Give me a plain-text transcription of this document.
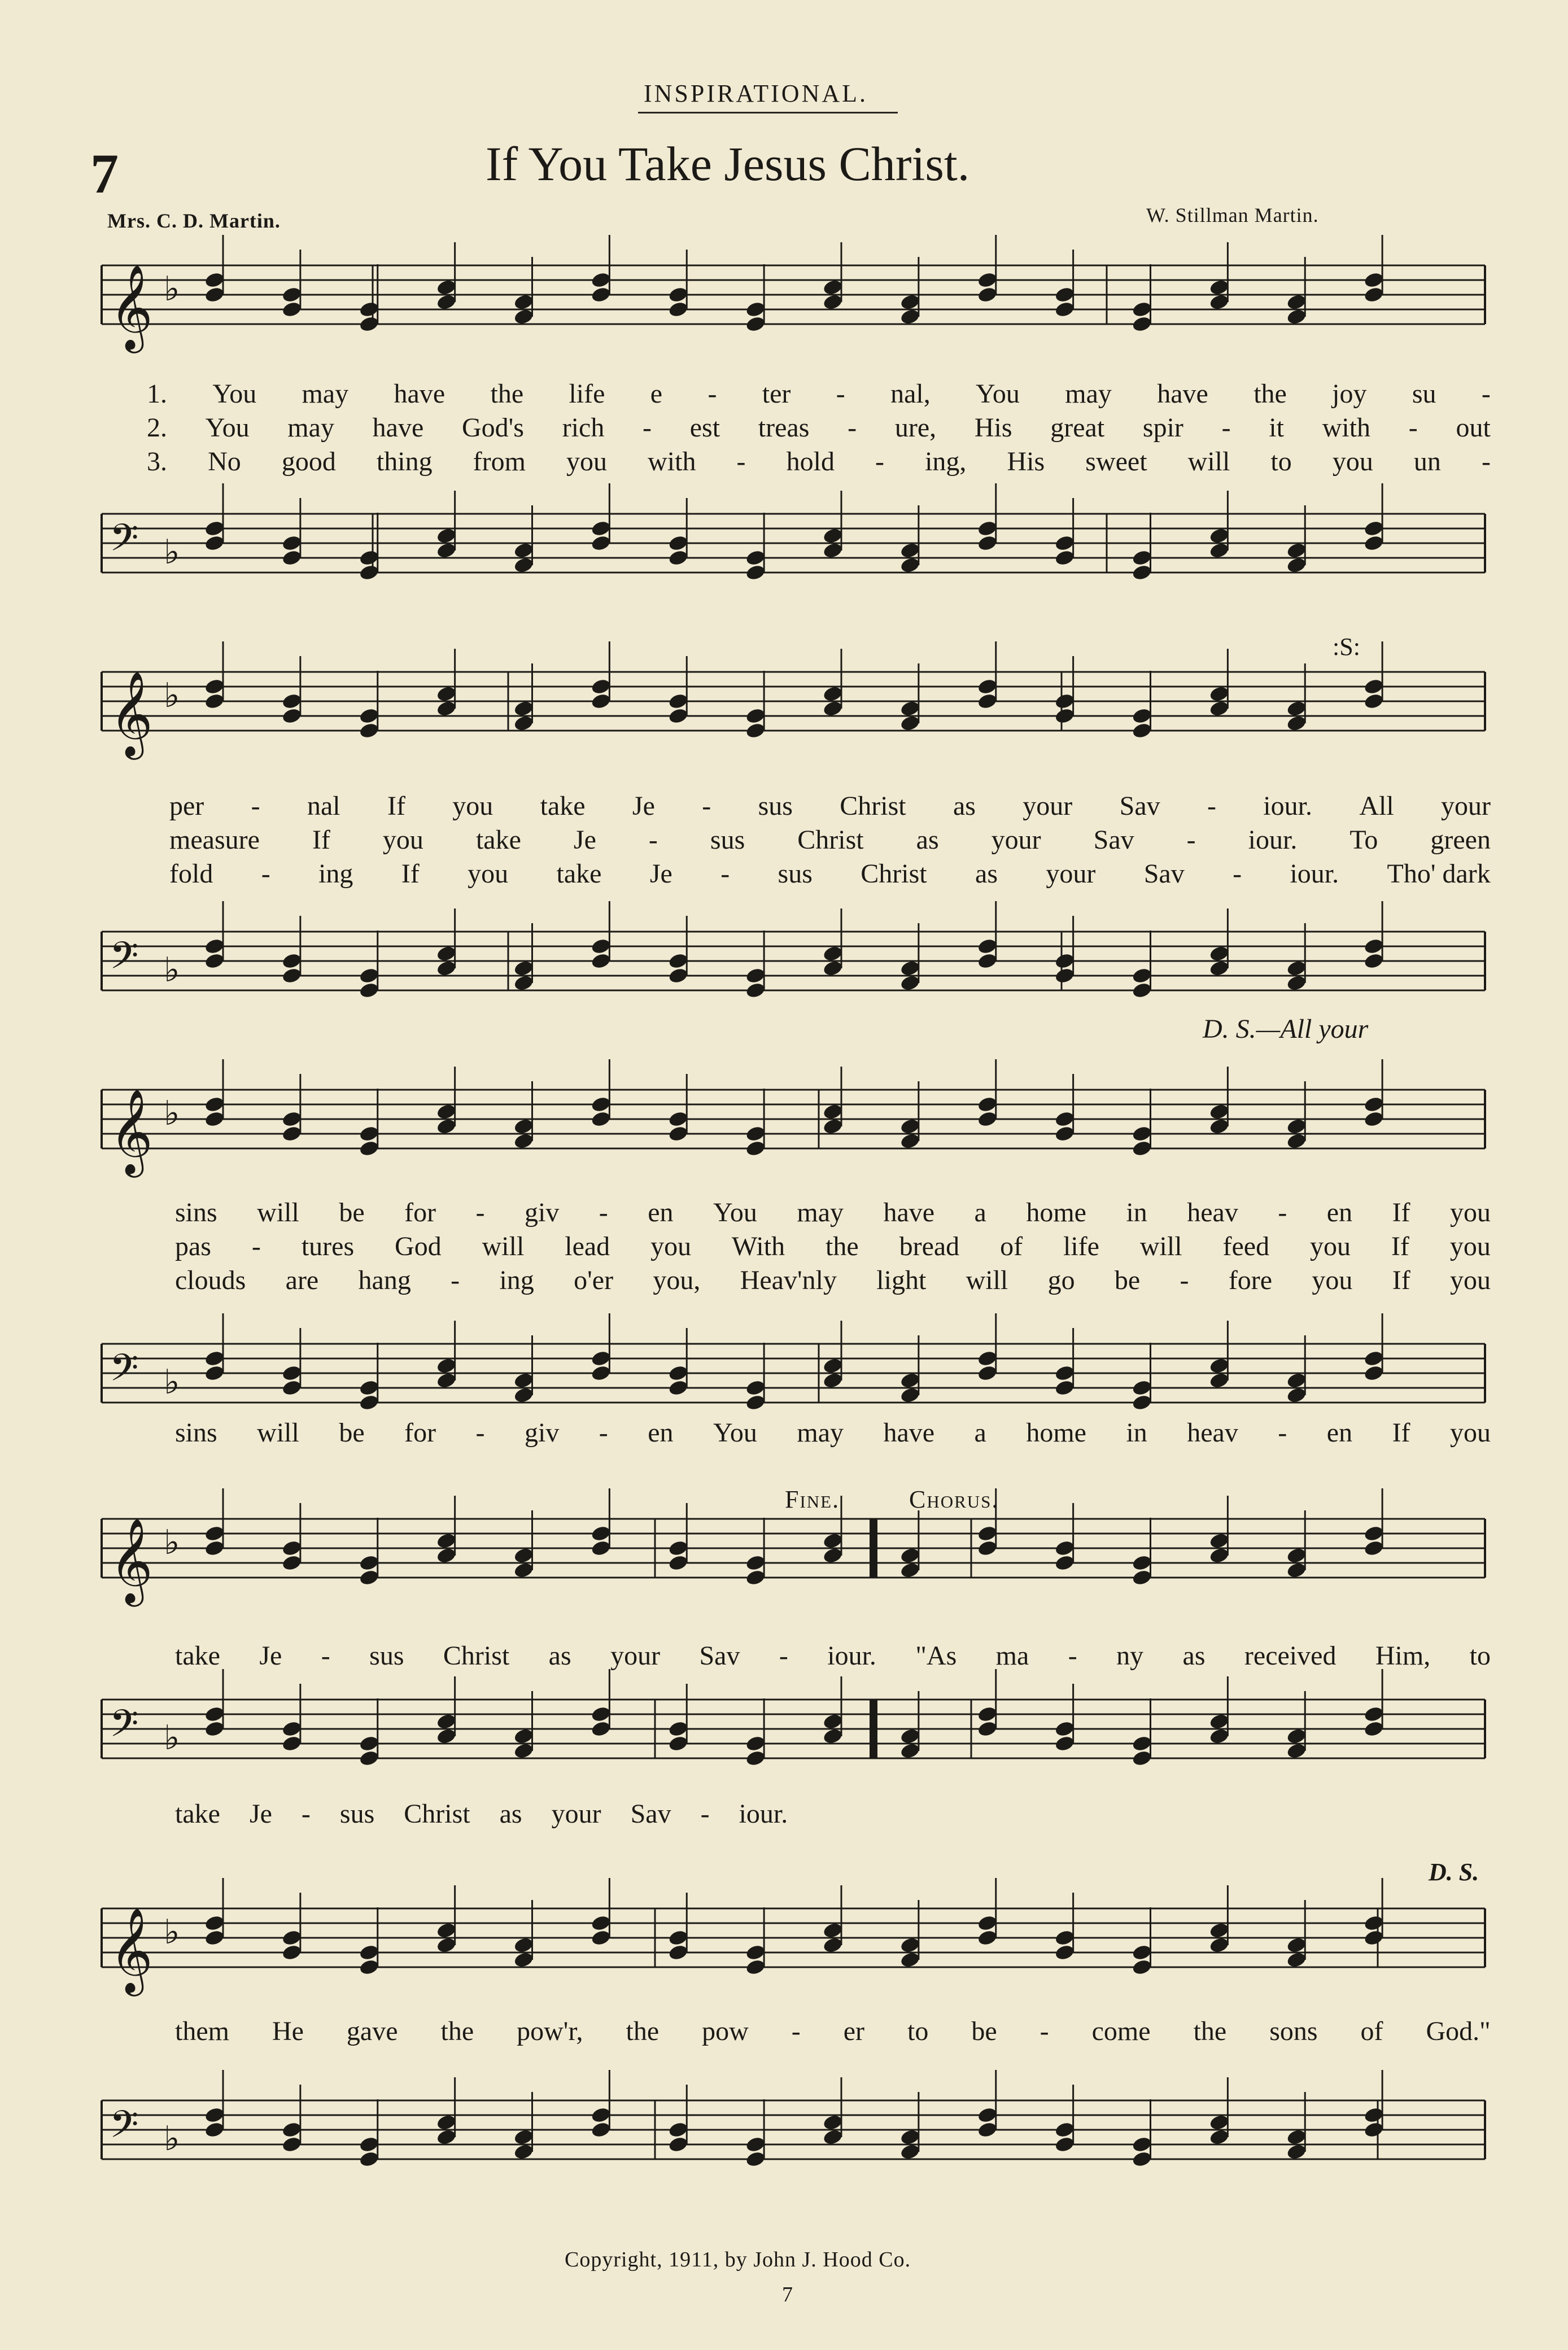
INSPIRATIONAL.
7	If You Take Jesus Christ.
Mrs. C. D. Martin.	W. Stillman Martin.
𝄞 ♭
𝄢 ♭
1. You may have the life e - ter - nal, You may have the joy su -
2. You may have God's rich - est treas - ure, His great spir - it with - out
3. No good thing from you with - hold - ing, His sweet will to you un -
𝄞 ♭
𝄢 ♭
:S:
per - nal If you take Je - sus Christ as your Sav - iour. All your
measure If you take Je - sus Christ as your Sav - iour. To green
fold - ing If you take Je - sus Christ as your Sav - iour. Tho' dark
D. S.—All your
𝄞 ♭
𝄢 ♭
sins will be for - giv - en You may have a home in heav - en If you
pas - tures God will lead you With the bread of life will feed you If you
clouds are hang - ing o'er you, Heav'nly light will go be - fore you If you
sins will be for - giv - en You may have a home in heav - en If you
𝄞 ♭
𝄢 ♭
Fine.	Chorus.
take Je - sus Christ as your Sav - iour. "As ma - ny as received Him, to
take Je - sus Christ as your Sav - iour.
𝄞 ♭
𝄢 ♭
D. S.
them He gave the pow'r, the pow - er to be - come the sons of God."
Copyright, 1911, by John J. Hood Co.
7
